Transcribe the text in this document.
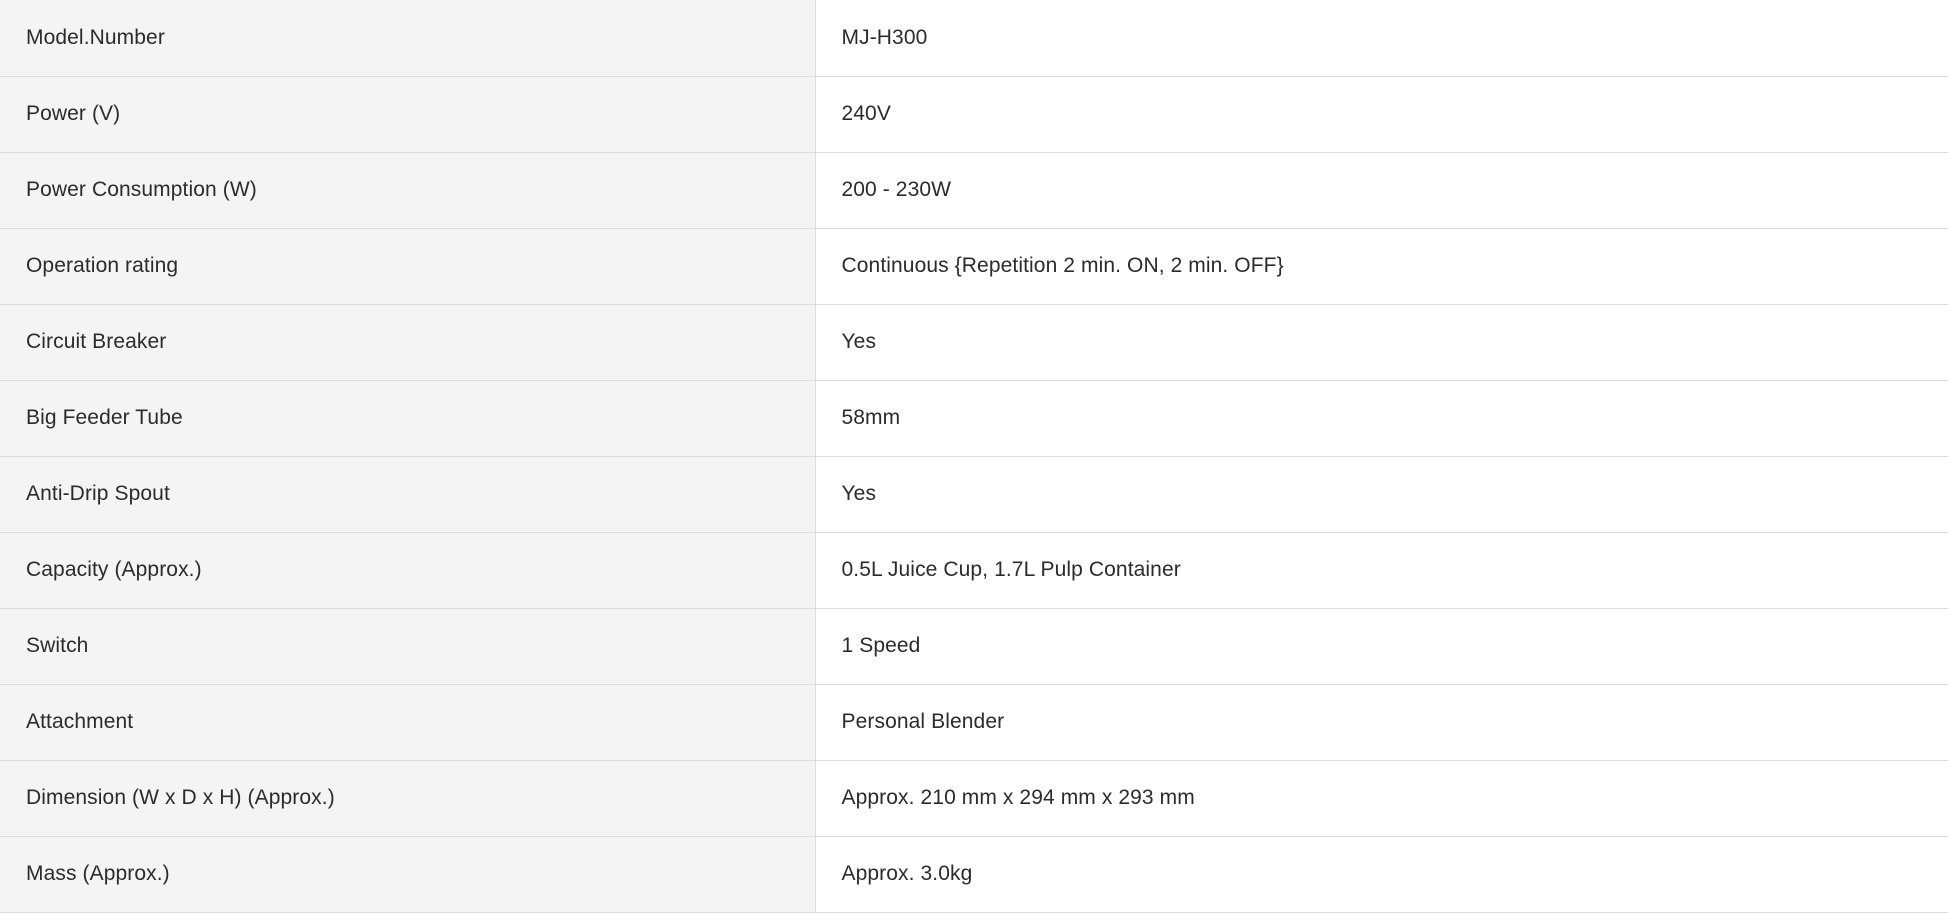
Model.Number	MJ-H300
Power (V)	240V
Power Consumption (W)	200 - 230W
Operation rating	Continuous {Repetition 2 min. ON, 2 min. OFF}
Circuit Breaker	Yes
Big Feeder Tube	58mm
Anti-Drip Spout	Yes
Capacity (Approx.)	0.5L Juice Cup, 1.7L Pulp Container
Switch	1 Speed
Attachment	Personal Blender
Dimension (W x D x H) (Approx.)	Approx. 210 mm x 294 mm x 293 mm
Mass (Approx.)	Approx. 3.0kg
